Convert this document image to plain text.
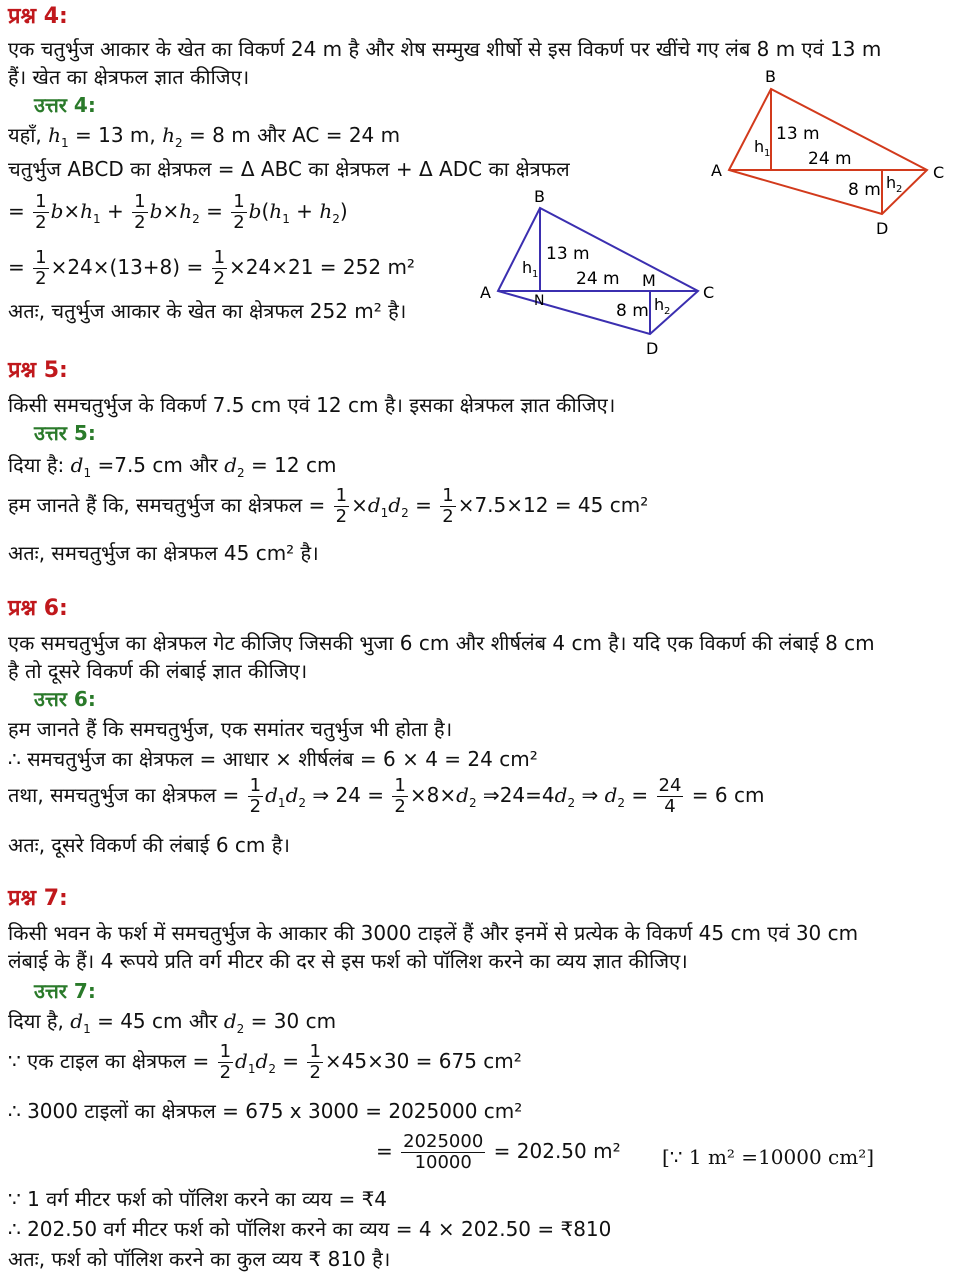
प्रश्न 4:
एक चतुर्भुज आकार के खेत का विकर्ण 24 m है और शेष सम्मुख शीर्षो से इस विकर्ण पर खींचे गए लंब 8 m एवं 13 m
हैं। खेत का क्षेत्रफल ज्ञात कीजिए।
उत्तर 4:
यहाँ, $h_1 = 13$ m, $h_2 = 8$ m और AC = 24 m
चतुर्भुज ABCD का क्षेत्रफल = Δ ABC का क्षेत्रफल + Δ ADC का क्षेत्रफल
= $\frac{1}{2} b\times h_1 + \frac{1}{2} b\times h_2 = \frac{1}{2} b(h_1 + h_2)$
= $\frac{1}{2} \times 24\times(13+8) = \frac{1}{2} \times 24\times 21 = 252$ m²
अतः, चतुर्भुज आकार के खेत का क्षेत्रफल 252 m² है।
B
A	C
D
13 m
24 m
8 m
h 1
h 2
B
A	C
D
N
M
13 m
24 m
8 m
h 1
h 2
प्रश्न 5:
किसी समचतुर्भुज के विकर्ण 7.5 cm एवं 12 cm है। इसका क्षेत्रफल ज्ञात कीजिए।
उत्तर 5:
दिया है: $d_1 =7.5$ cm और $d_2 = 12$ cm
हम जानते हैं कि, समचतुर्भुज का क्षेत्रफल = $\frac{1}{2} \times d_1d_2 = \frac{1}{2} \times 7.5\times 12 = 45$ cm²
अतः, समचतुर्भुज का क्षेत्रफल 45 cm² है।
प्रश्न 6:
एक समचतुर्भुज का क्षेत्रफल गेट कीजिए जिसकी भुजा 6 cm और शीर्षलंब 4 cm है। यदि एक विकर्ण की लंबाई 8 cm
है तो दूसरे विकर्ण की लंबाई ज्ञात कीजिए।
उत्तर 6:
हम जानते हैं कि समचतुर्भुज, एक समांतर चतुर्भुज भी होता है।
∴ समचतुर्भुज का क्षेत्रफल = आधार × शीर्षलंब = 6 × 4 = 24 cm²
तथा, समचतुर्भुज का क्षेत्रफल = $\frac{1}{2} d_1d_2$ ⇒ $24 = \frac{1}{2} \times 8\times d_2$ $\Rightarrow 24=4d_2$ ⇒ $d_2 = \frac{24}{4} = 6$ cm
अतः, दूसरे विकर्ण की लंबाई 6 cm है।
प्रश्न 7:
किसी भवन के फर्श में समचतुर्भुज के आकार की 3000 टाइलें हैं और इनमें से प्रत्येक के विकर्ण 45 cm एवं 30 cm
लंबाई के हैं। 4 रूपये प्रति वर्ग मीटर की दर से इस फर्श को पॉलिश करने का व्यय ज्ञात कीजिए।
उत्तर 7:
दिया है, $d_1 = 45$ cm और $d_2 = 30$ cm
∵ एक टाइल का क्षेत्रफल = $\frac{1}{2} d_1d_2 = \frac{1}{2} \times 45\times 30 = 675$ cm²
∴ 3000 टाइलों का क्षेत्रफल = 675 x 3000 = 2025000 cm²
= $\frac{2025000}{10000} = 202.50$ m² [∵ 1 m² =10000 cm²]
∵ 1 वर्ग मीटर फर्श को पॉलिश करने का व्यय = ₹4
∴ 202.50 वर्ग मीटर फर्श को पॉलिश करने का व्यय = 4 × 202.50 = ₹810
अतः, फर्श को पॉलिश करने का कुल व्यय ₹ 810 है।
